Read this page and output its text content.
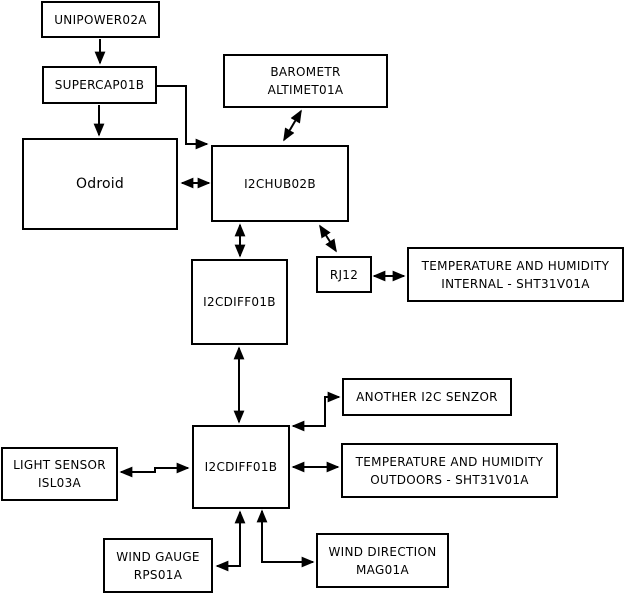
UNIPOWER02A
SUPERCAP01B
Odroid
BAROMETR
ALTIMET01A
I2CHUB02B
RJ12
TEMPERATURE AND HUMIDITY
INTERNAL - SHT31V01A
I2CDIFF01B
ANOTHER I2C SENZOR
I2CDIFF01B
LIGHT SENSOR
ISL03A
TEMPERATURE AND HUMIDITY
OUTDOORS - SHT31V01A
WIND GAUGE
RPS01A
WIND DIRECTION
MAG01A
